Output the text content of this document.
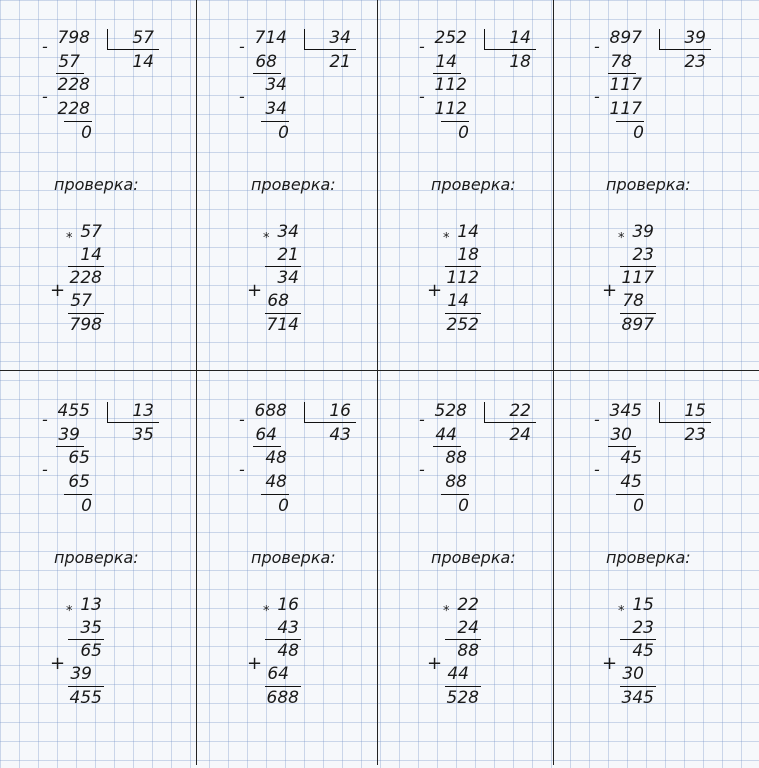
- 798	57
14
57
228
-
228
0
проверка:
* 57
14
228
+ 57
798
- 714	34
21
68
34
-
34
0
проверка:
* 34
21
34
+ 68
714
- 252	14
18
14
112
-
112
0
проверка:
* 14
18
112
+ 14
252
- 897	39
23
78
117
-
117
0
проверка:
* 39
23
117
+ 78
897
- 455	13
35
39
65
-
65
0
проверка:
* 13
35
65
+ 39
455
- 688	16
43
64
48
-
48
0
проверка:
* 16
43
48
+ 64
688
- 528	22
24
44
88
-
88
0
проверка:
* 22
24
88
+ 44
528
- 345	15
23
30
45
-
45
0
проверка:
* 15
23
45
+ 30
345
